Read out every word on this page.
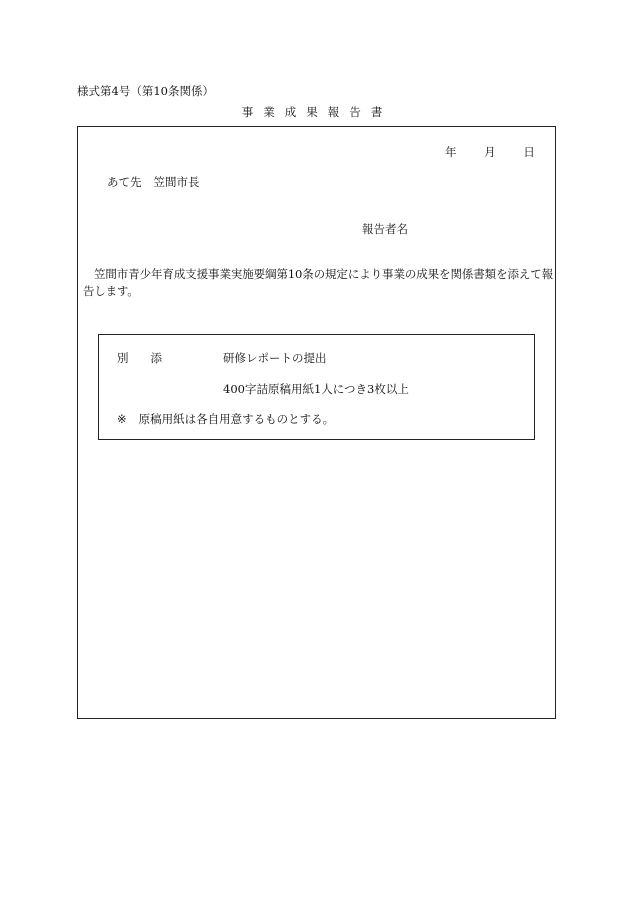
様式第4号（第10条関係）
事業成果報告書
年 月 日
あて先 笠間市長
報告者名
笠間市青少年育成支援事業実施要綱第10条の規定により事業の成果を関係書類を添えて報告します。
別添	研修レポートの提出
400字詰原稿用紙1人につき3枚以上
※ 原稿用紙は各自用意するものとする。
